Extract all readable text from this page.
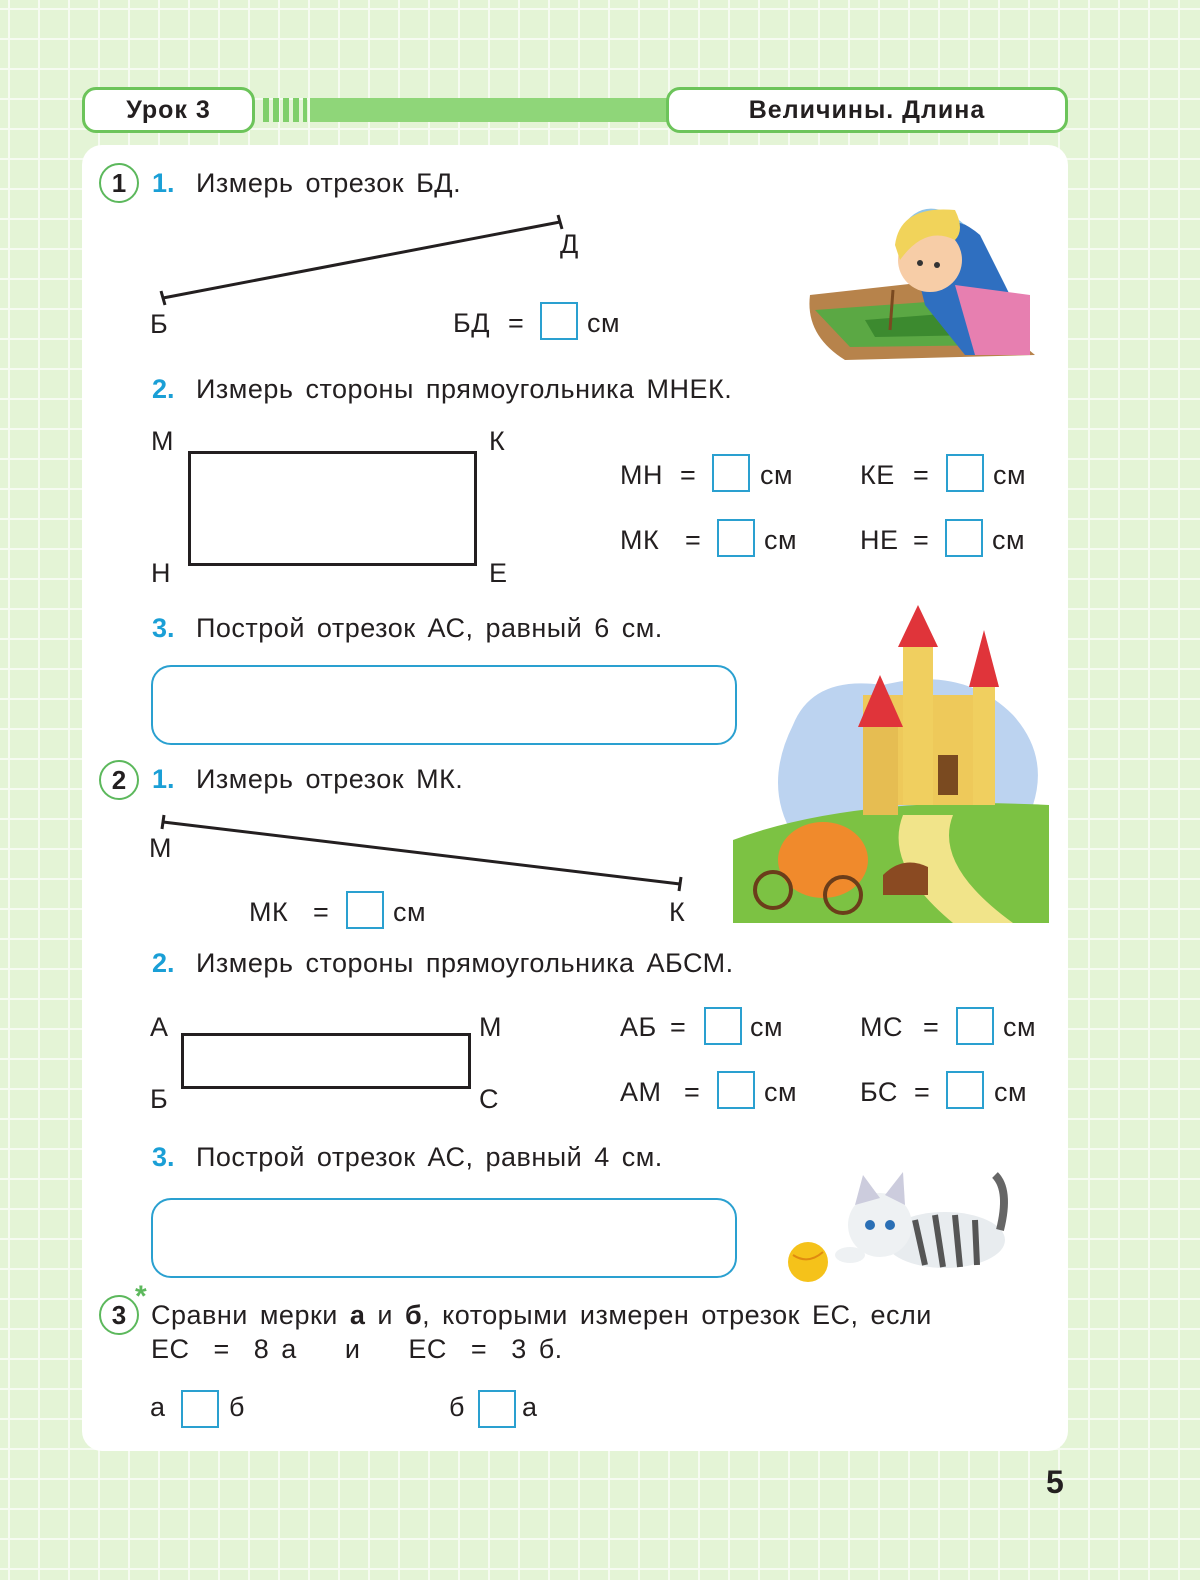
Урок 3	Величины. Длина
1 1. Измерь отрезок БД.
Б
Д
БД = см
2. Измерь стороны прямоугольника МНЕК.
М	К
Н	Е
МН = см КЕ = см
МК = см НЕ = см
3. Построй отрезок АС, равный 6 см.
2 1. Измерь отрезок МК.
М
К
МК = см
2. Измерь стороны прямоугольника АБСМ.
А	М
Б	С
АБ = см	МС = см
АМ = см БС = см
3. Построй отрезок АС, равный 4 см.
3
*
Сравни мерки а и б, которыми измерен отрезок ЕС, если
ЕС  =  8 а    и    ЕС  =  3 б.
а б	б а
5
